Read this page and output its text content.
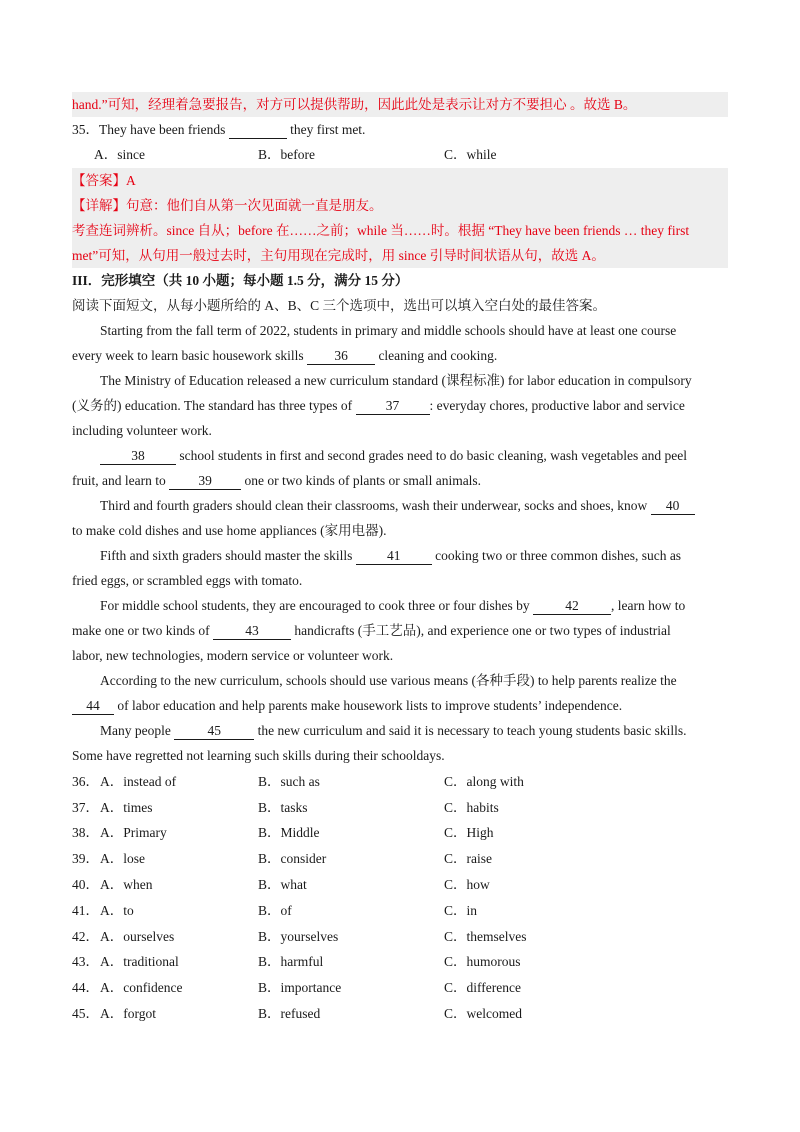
hand.”可知，经理着急要报告，对方可以提供帮助，因此此处是表示让对方不要担心 。故选 B。
35．They have been friends	they first met.
A．since	B．before	C．while
【答案】A
【详解】句意：他们自从第一次见面就一直是朋友。
考查连词辨析。since 自从；before 在……之前；while 当……时。根据 “They have been friends … they first
met”可知，从句用一般过去时，主句用现在完成时，用 since 引导时间状语从句，故选 A。
III．完形填空（共 10 小题；每小题 1.5 分，满分 15 分）
阅读下面短文，从每小题所给的 A、B、C 三个选项中，选出可以填入空白处的最佳答案。
Starting from the fall term of 2022, students in primary and middle schools should have at least one course
every week to learn basic housework skills 36 cleaning and cooking.
The Ministry of Education released a new curriculum standard (课程标准) for labor education in compulsory
(义务的) education. The standard has three types of 37 : everyday chores, productive labor and service
including volunteer work.
38 school students in first and second grades need to do basic cleaning, wash vegetables and peel
fruit, and learn to 39 one or two kinds of plants or small animals.
Third and fourth graders should clean their classrooms, wash their underwear, socks and shoes, know 40
to make cold dishes and use home appliances (家用电器).
Fifth and sixth graders should master the skills 41 cooking two or three common dishes, such as
fried eggs, or scrambled eggs with tomato.
For middle school students, they are encouraged to cook three or four dishes by 42 , learn how to
make one or two kinds of 43 handicrafts (手工艺品), and experience one or two types of industrial
labor, new technologies, modern service or volunteer work.
According to the new curriculum, schools should use various means (各种手段) to help parents realize the
44 of labor education and help parents make housework lists to improve students’ independence.
Many people 45 the new curriculum and said it is necessary to teach young students basic skills.
Some have regretted not learning such skills during their schooldays.
36． A．instead of	B．such as	C．along with
37． A．times	B．tasks	C．habits
38． A．Primary	B．Middle	C．High
39． A．lose	B．consider	C．raise
40． A．when	B．what	C．how
41． A．to	B．of	C．in
42． A．ourselves	B．yourselves	C．themselves
43． A．traditional	B．harmful	C．humorous
44． A．confidence	B．importance	C．difference
45． A．forgot	B．refused	C．welcomed
